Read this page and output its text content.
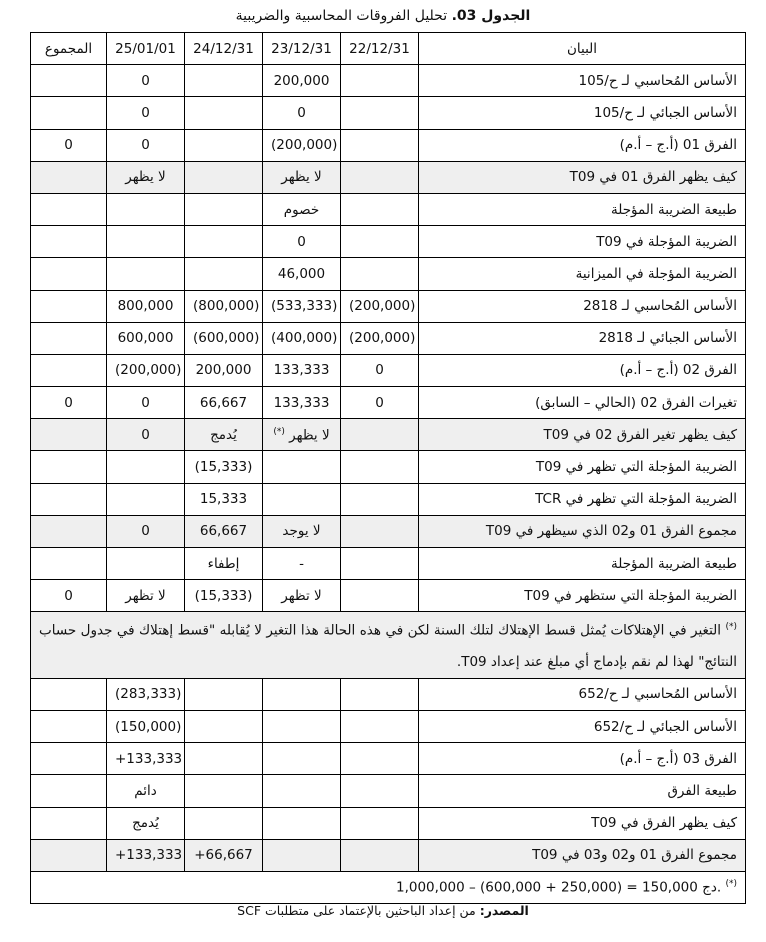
الجدول 03. تحليل الفروقات المحاسبية والضريبية
البيان	22/12/31	23/12/31	24/12/31	25/01/01	المجموع
الأساس المُحاسبي لـ ح/105		200,000		0	
الأساس الجبائي لـ ح/105		0		0	
الفرق 01 (أ.ج – أ.م)		(200,000)		0	0
كيف يظهر الفرق 01 في T09		لا يظهر		لا يظهر	
طبيعة الضريبة المؤجلة		خصوم			
الضريبة المؤجلة في T09		0			
الضريبة المؤجلة في الميزانية		46,000			
الأساس المُحاسبي لـ 2818	(200,000)	(533,333)	(800,000)	800,000	
الأساس الجبائي لـ 2818	(200,000)	(400,000)	(600,000)	600,000	
الفرق 02 (أ.ج – أ.م)	0	133,333	200,000	(200,000)	
تغيرات الفرق 02 (الحالي – السابق)	0	133,333	66,667	0	0
كيف يظهر تغير الفرق 02 في T09		لا يظهر (*)	يُدمج	0	
الضريبة المؤجلة التي تظهر في T09			(15,333)		
الضريبة المؤجلة التي تظهر في TCR			15,333		
مجموع الفرق 01 و02 الذي سيظهر في T09		لا يوجد	66,667	0	
طبيعة الضريبة المؤجلة		-	إطفاء		
الضريبة المؤجلة التي ستظهر في T09		لا تظهر	(15,333)	لا تظهر	0
(*) التغير في الإهتلاكات يُمثل قسط الإهتلاك لتلك السنة لكن في هذه الحالة هذا التغير لا يُقابله "قسط إهتلاك في جدول حساب النتائج" لهذا لم نقم بإدماج أي مبلغ عند إعداد T09.					
الأساس المُحاسبي لـ ح/652				(283,333)	
الأساس الجبائي لـ ح/652				(150,000)	
الفرق 03 (أ.ج – أ.م)				+133,333	
طبيعة الفرق				دائم	
كيف يظهر الفرق في T09				يُدمج	
مجموع الفرق 01 و02 و03 في T09			+66,667	+133,333	
(*) 1,000,000 – (600,000 + 250,000) = 150,000 دج.					
المصدر: من إعداد الباحثين بالإعتماد على متطلبات SCF
